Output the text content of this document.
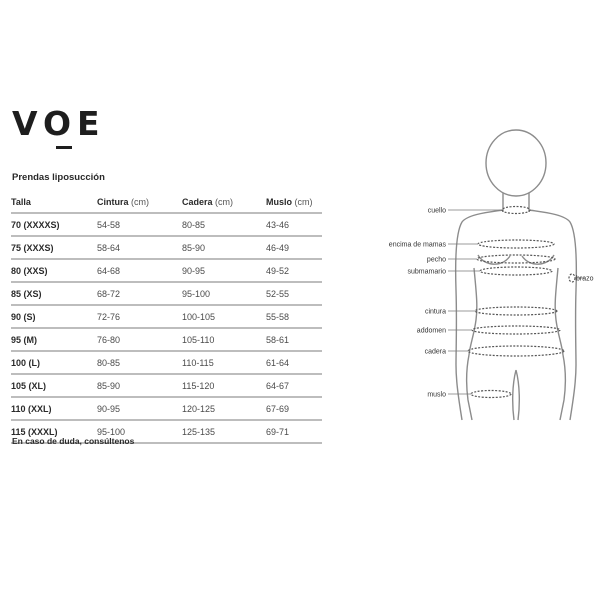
VOE
Prendas liposucción
Talla	Cintura (cm)	Cadera (cm)	Muslo (cm)
70 (XXXXS)	54-58	80-85	43-46
75 (XXXS)	58-64	85-90	46-49
80 (XXS)	64-68	90-95	49-52
85 (XS)	68-72	95-100	52-55
90 (S)	72-76	100-105	55-58
95 (M)	76-80	105-110	58-61
100 (L)	80-85	110-115	61-64
105 (XL)	85-90	115-120	64-67
110 (XXL)	90-95	120-125	67-69
115 (XXXL)	95-100	125-135	69-71
En caso de duda, consúltenos
cuello
encima de mamas
pecho
submamario
cintura
addomen
cadera
muslo
brazo
